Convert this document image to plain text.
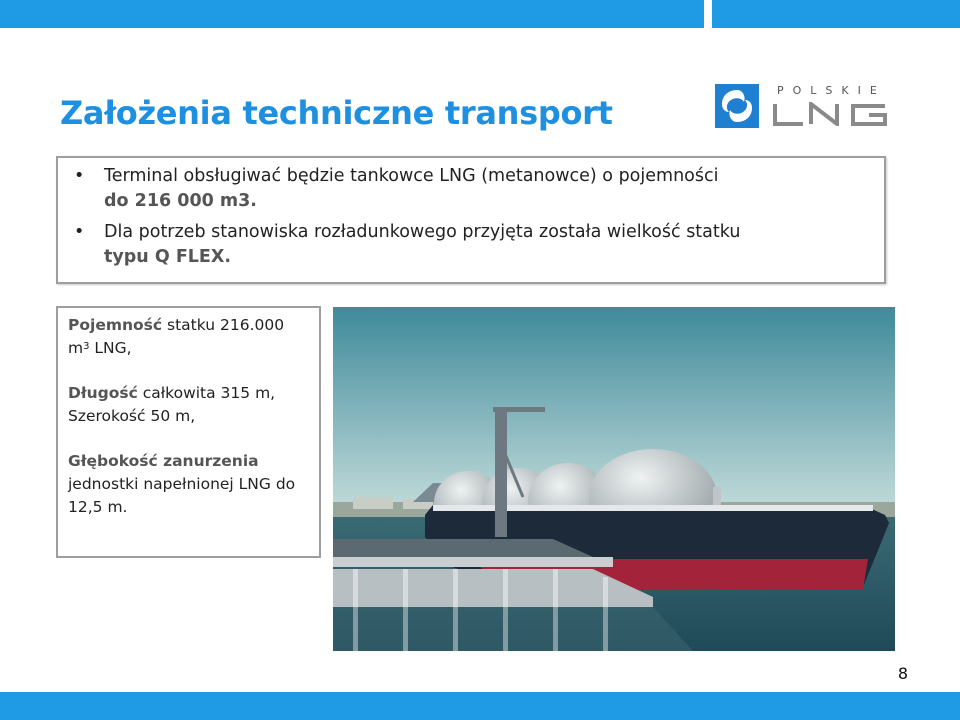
Założenia techniczne transport
POLSKIE
LNG
• Terminal obsługiwać będzie tankowce LNG (metanowce) o pojemności
do 216 000 m3.
• Dla potrzeb stanowiska rozładunkowego przyjęta została wielkość statku
typu Q FLEX.

Pojemność statku 216.000
$m^3$ LNG,

Długość całkowita 315 m,
Szerokość 50 m,

Głębokość zanurzenia
jednostki napełnionej LNG do 12,5 m.

8
